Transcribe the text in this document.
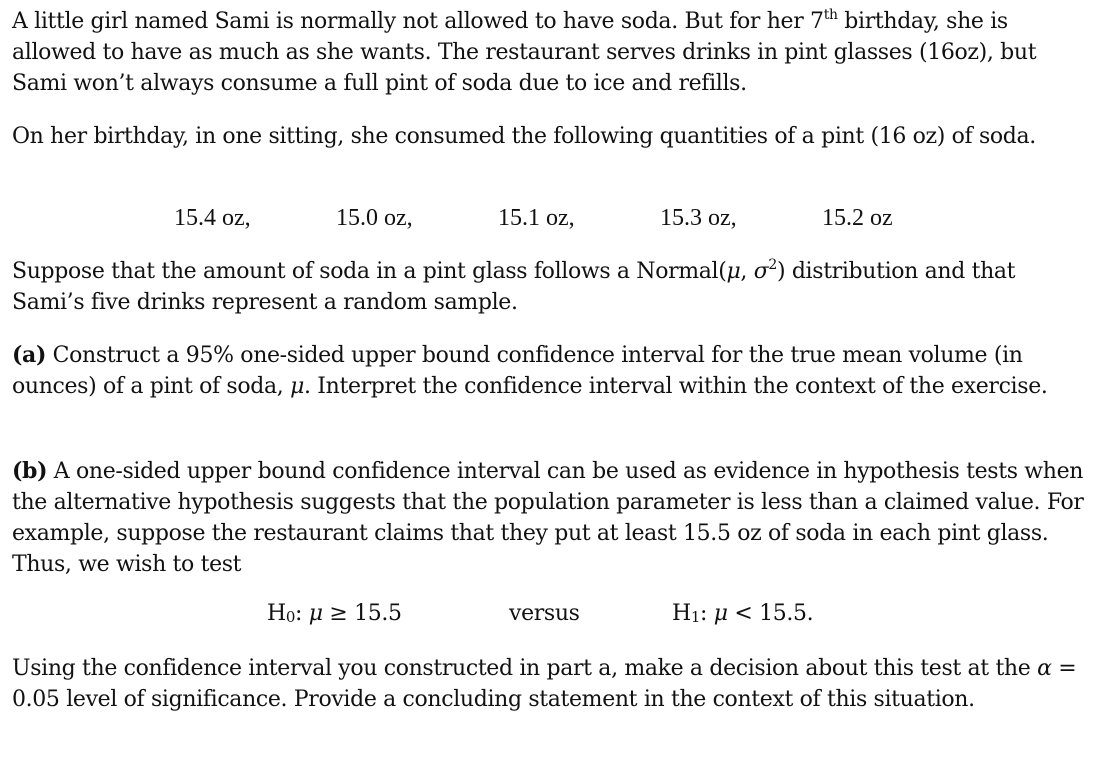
A little girl named Sami is normally not allowed to have soda. But for her 7th birthday, she is allowed to have as much as she wants. The restaurant serves drinks in pint glasses (16oz), but Sami won’t always consume a full pint of soda due to ice and refills.

On her birthday, in one sitting, she consumed the following quantities of a pint (16 oz) of soda.

15.4 oz,	15.0 oz,	15.1 oz,	15.3 oz,	15.2 oz

Suppose that the amount of soda in a pint glass follows a Normal(μ, $\sigma^2$) distribution and that Sami’s five drinks represent a random sample.

(a) Construct a 95% one-sided upper bound confidence interval for the true mean volume (in ounces) of a pint of soda, μ. Interpret the confidence interval within the context of the exercise.

(b) A one-sided upper bound confidence interval can be used as evidence in hypothesis tests when the alternative hypothesis suggests that the population parameter is less than a claimed value. For example, suppose the restaurant claims that they put at least 15.5 oz of soda in each pint glass. Thus, we wish to test

H0: μ ≥ 15.5	versus	H1: μ < 15.5.

Using the confidence interval you constructed in part a, make a decision about this test at the α = 0.05 level of significance. Provide a concluding statement in the context of this situation.
